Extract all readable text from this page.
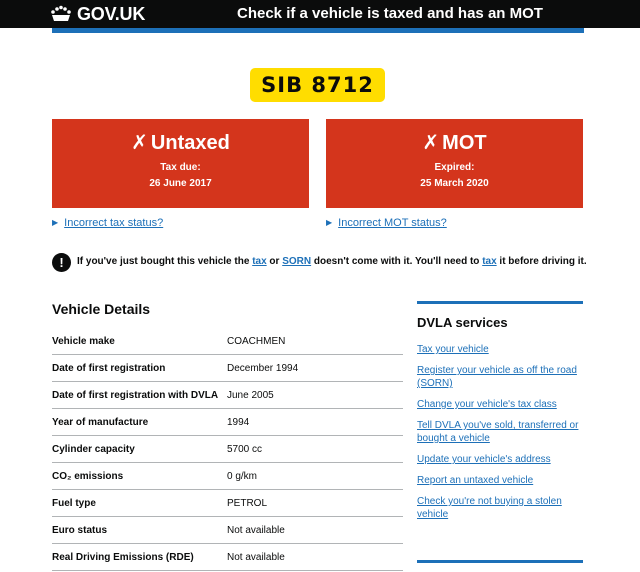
GOV.UK	Check if a vehicle is taxed and has an MOT
SIB 8712
✗ Untaxed
Tax due:
26 June 2017
✗ MOT
Expired:
25 March 2020
▶ Incorrect tax status?	▶ Incorrect MOT status?
!	If you've just bought this vehicle the tax or SORN doesn't come with it. You'll need to tax it before driving it.
Vehicle Details
Vehicle make	COACHMEN
Date of first registration	December 1994
Date of first registration with DVLA June 2005
Year of manufacture	1994
Cylinder capacity	5700 cc
CO₂ emissions	0 g/km
Fuel type	PETROL
Euro status	Not available
Real Driving Emissions (RDE)	Not available
DVLA services
Tax your vehicle
Register your vehicle as off the road (SORN)
Change your vehicle's tax class
Tell DVLA you've sold, transferred or bought a vehicle
Update your vehicle's address
Report an untaxed vehicle
Check you're not buying a stolen vehicle
